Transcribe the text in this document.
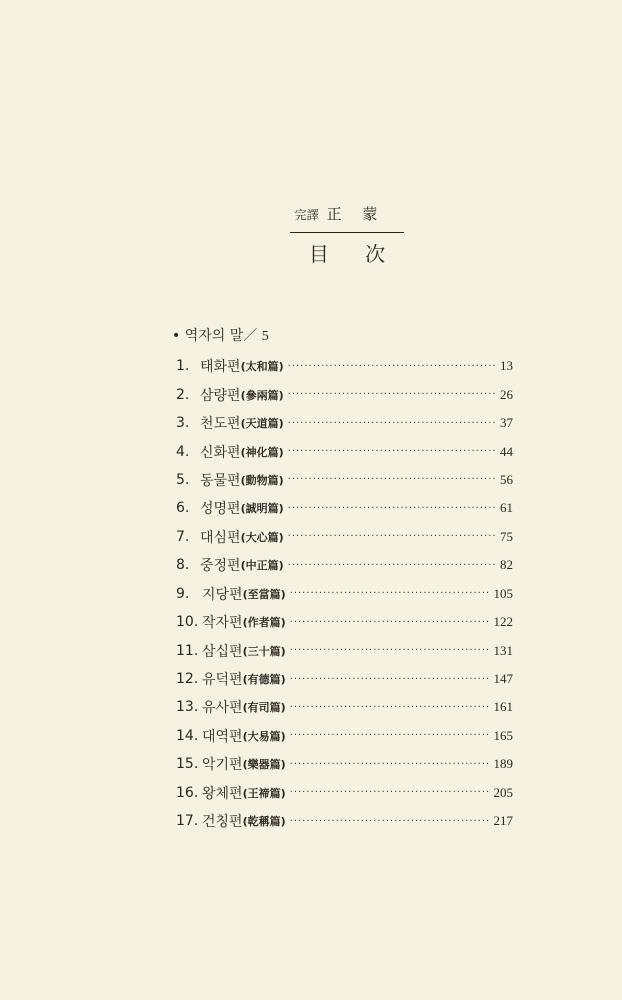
完譯 正 蒙
目 次
• 역자의 말／ 5
1. 태화편 (太和篇) ·····	13
2. 삼량편 (參兩篇) ·····	26
3. 천도편 (天道篇) ·····	37
4. 신화편 (神化篇) ·····	44
5. 동물편 (動物篇) ·····	56
6. 성명편 (誠明篇) ·····	61
7. 대심편 (大心篇) ·····	75
8. 중정편 (中正篇) ·····	82
9. 지당편 (至當篇) ·····	105
10. 작자편 (作者篇) ·····	122
11. 삼십편 (三十篇) ·····	131
12. 유덕편 (有德篇) ·····	147
13. 유사편 (有司篇) ·····	161
14. 대역편 (大易篇) ·····	165
15. 악기편 (樂器篇) ·····	189
16. 왕체편 (王禘篇) ·····	205
17. 건칭편 (乾稱篇) ·····	217
